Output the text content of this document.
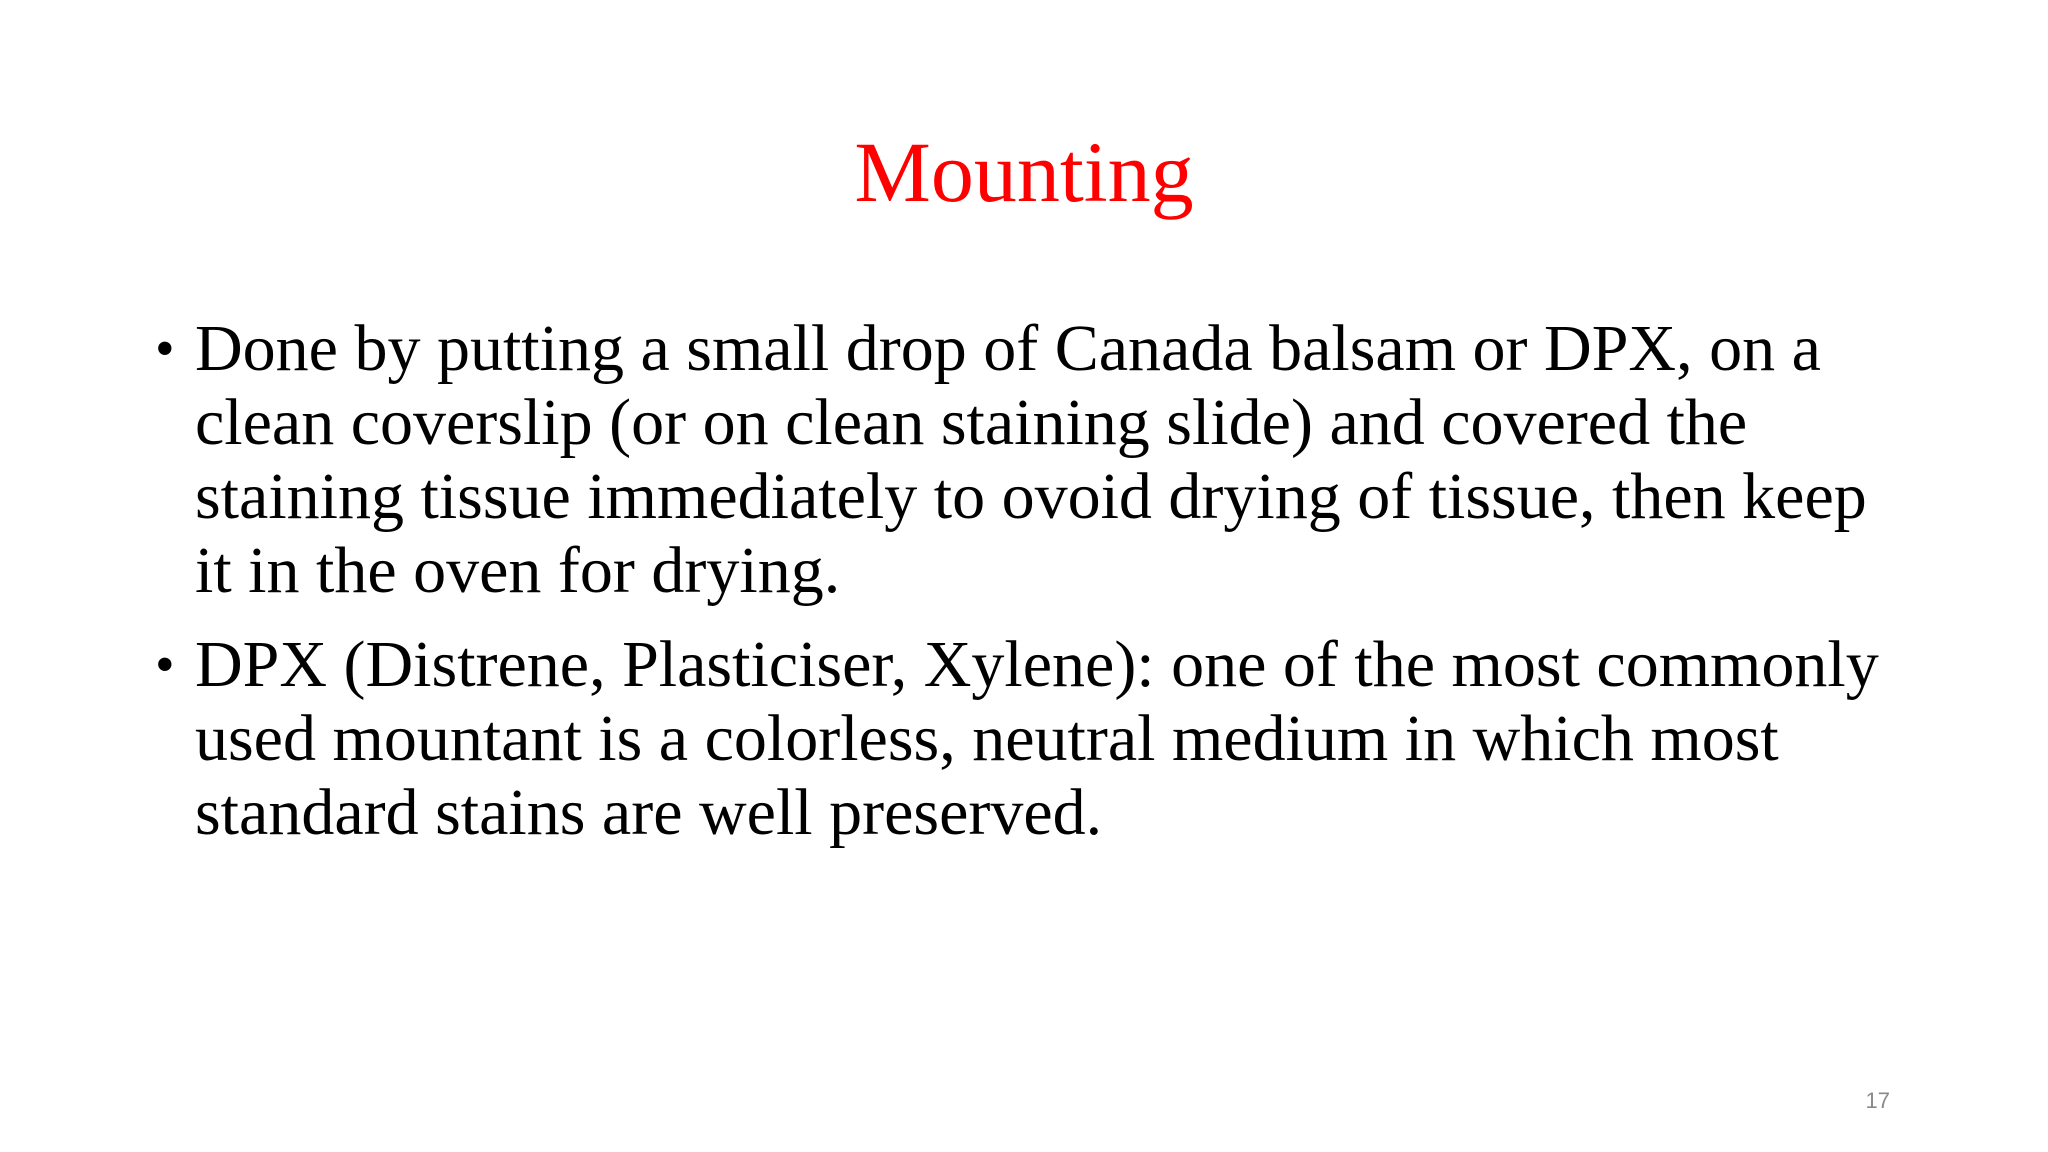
Mounting
• Done by putting a small drop of Canada balsam or DPX, on a clean coverslip (or on clean staining slide) and covered the staining tissue immediately to ovoid drying of tissue, then keep it in the oven for drying.
• DPX (Distrene, Plasticiser, Xylene): one of the most commonly used mountant is a colorless, neutral medium in which most standard stains are well preserved.
17
